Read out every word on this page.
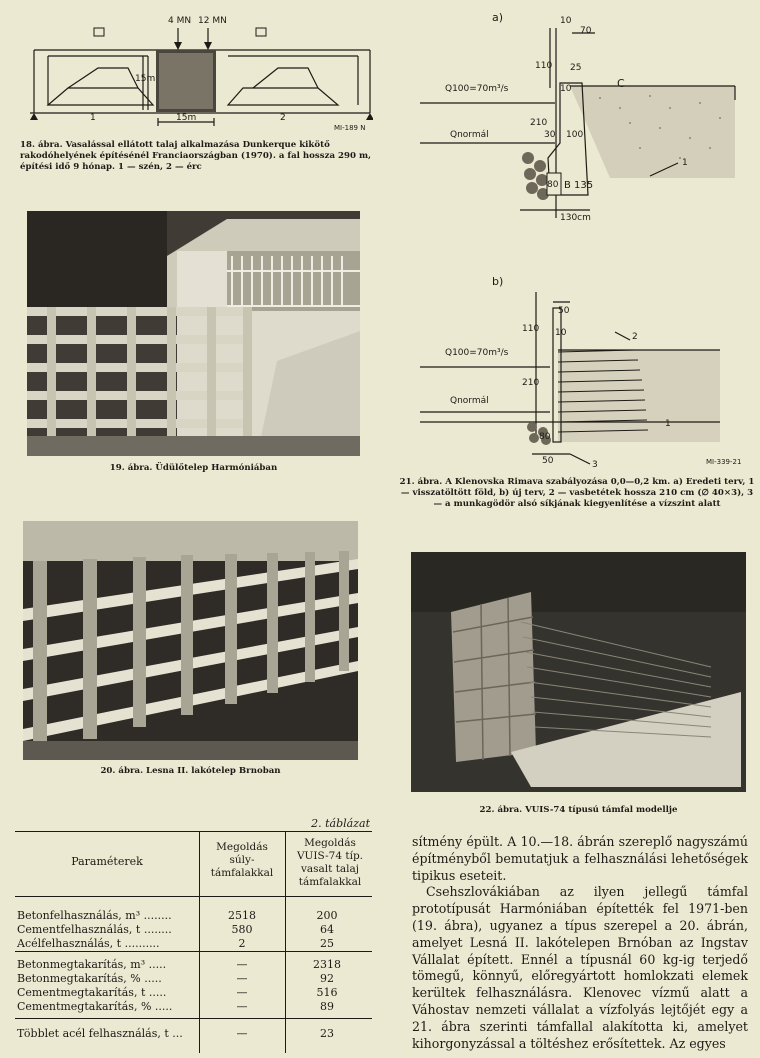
4 MN 12 MN
15m
15m
1	2
MI-189 N
18. ábra. Vasalással ellátott talaj alkalmazása Dunkerque kikötő rakodóhelyének építésénél Franciaországban (1970). a fal hossza 290 m, építési idő 9 hónap. 1 — szén, 2 — érc
19. ábra. Üdülőtelep Harmóniában
20. ábra. Lesna II. lakótelep Brnoban
a)	10
70
110 25
10
210
30 100
80
130cm
Q100=70m³/s
Qnormál
C
B 135
1
b)
50
10
110
210
80
50
Q100=70m³/s
Qnormál
2
1
3	MI-339-21
21. ábra. A Klenovska Rimava szabályozása 0,0—0,2 km. a) Eredeti terv, 1 — visszatöltött föld, b) új terv, 2 — vasbetétek hossza 210 cm (∅ 40×3), 3 — a munkagödör alsó síkjának kiegyenlítése a vízszint alatt
22. ábra. VUIS-74 típusú támfal modellje
2. táblázat
Paraméterek
Megoldás súly-támfalakkal
Megoldás VUIS-74 típ. vasalt talaj támfalakkal
Betonfelhasználás, m³ ........	2518	200
Cementfelhasználás, t ........	580	64
Acélfelhasználás, t ..........	2	25
Betonmegtakarítás, m³ .....	—	2318
Betonmegtakarítás, % .....	—	92
Cementmegtakarítás, t .....	—	516
Cementmegtakarítás, % .....	—	89
Többlet acél felhasználás, t ...	—	23

sítmény épült. A 10.—18. ábrán szereplő nagyszámú építményből bemutatjuk a felhasználási lehetőségek tipikus eseteit.

Csehszlovákiában az ilyen jellegű támfal prototípusát Harmóniában építették fel 1971-ben (19. ábra), ugyanez a típus szerepel a 20. ábrán, amelyet Lesná II. lakótelepen Brnóban az Ingstav Vállalat épített. Ennél a típusnál 60 kg-ig terjedő tömegű, könnyű, előregyártott homlokzati elemek kerültek felhasználásra. Klenovec vízmű alatt a Váhostav nemzeti vállalat a vízfolyás lejtőjét egy a 21. ábra szerinti támfallal alakította ki, amelyet kihorgonyzással a töltéshez erősítettek. Az egyes
